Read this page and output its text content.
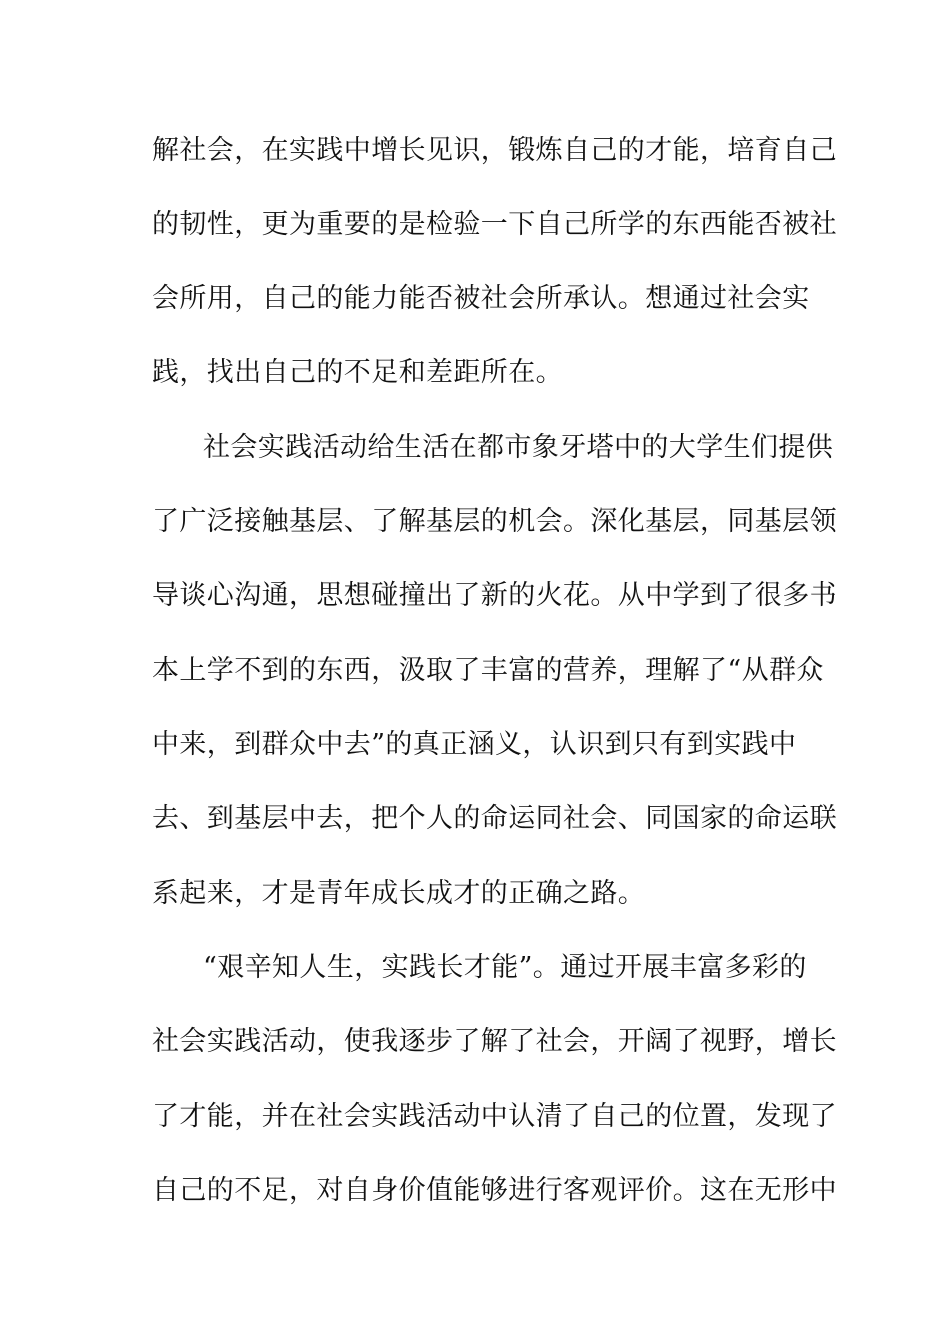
解社会，在实践中增长见识，锻炼自己的才能，培育自己
的韧性，更为重要的是检验一下自己所学的东西能否被社
会所用，自己的能力能否被社会所承认。想通过社会实
践，找出自己的不足和差距所在。
社会实践活动给生活在都市象牙塔中的大学生们提供
了广泛接触基层、了解基层的机会。深化基层，同基层领
导谈心沟通，思想碰撞出了新的火花。从中学到了很多书
本上学不到的东西，汲取了丰富的营养，理解了“从群众
中来，到群众中去”的真正涵义，认识到只有到实践中
去、到基层中去，把个人的命运同社会、同国家的命运联
系起来，才是青年成长成才的正确之路。
“艰辛知人生，实践长才能”。通过开展丰富多彩的
社会实践活动，使我逐步了解了社会，开阔了视野，增长
了才能，并在社会实践活动中认清了自己的位置，发现了
自己的不足，对自身价值能够进行客观评价。这在无形中
